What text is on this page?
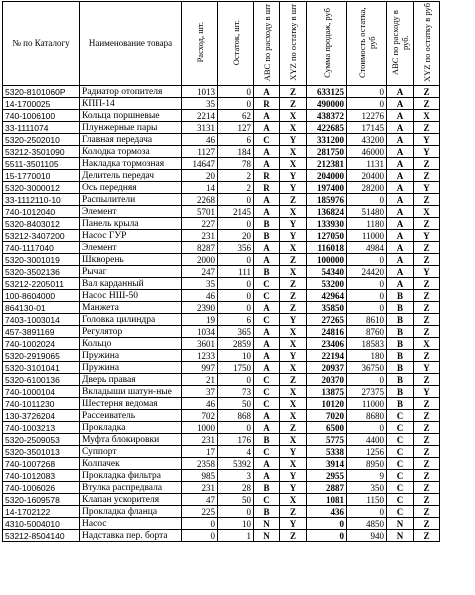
№ по Каталогу	Наименование товара	Расход, шт.	Остаток, шт.	ABC по расходу в шт	XYZ по остатку в шт	Сумма продаж, руб	Стоимость остатка, руб	ABC по расходу в руб.	XYZ по остатку в руб
5320-8101060Р	Радиатор отопителя	1013	0	A	Z	633125	0	A	Z
14-1700025	КПП-14	35	0	R	Z	490000	0	A	Z
740-1006100	Кольца поршневые	2214	62	A	X	438372	12276	A	X
33-1111074	Плунжерные пары	3131	127	A	X	422685	17145	A	Z
5320-2502010	Главная передача	46	6	C	Y	331200	43200	A	Y
53212-3501090	Колодка тормоза	1127	184	A	X	281750	46000	A	Y
5511-3501105	Накладка тормозная	14647	78	A	X	212381	1131	A	Z
15-1770010	Делитель передач	20	2	R	Y	204000	20400	A	Z
5320-3000012	Ось передняя	14	2	R	Y	197400	28200	A	Y
33-1112110-10	Распылители	2268	0	A	Z	185976	0	A	Z
740-1012040	Элемент	5701	2145	A	X	136824	51480	A	X
5320-8403012	Панель крыла	227	0	B	Y	133930	1180	A	Z
53212-3407200	Насос ГУР	231	20	B	Y	127050	11000	A	Y
740-1117040	Элемент	8287	356	A	X	116018	4984	A	Z
5320-3001019	Шкворень	2000	0	A	Z	100000	0	A	Z
5320-3502136	Рычаг	247	111	B	X	54340	24420	A	Y
53212-2205011	Вал карданный	35	0	C	Z	53200	0	A	Z
100-8604000	Насос НШ-50	46	0	C	Z	42964	0	B	Z
864130-01	Манжета	2390	0	A	Z	35850	0	B	Z
7403-1003014	Головка цилиндра	19	6	C	Y	27265	8610	B	Z
457-3891169	Регулятор	1034	365	A	X	24816	8760	B	Z
740-1002024	Кольцо	3601	2859	A	X	23406	18583	B	X
5320-2919065	Пружина	1233	10	A	Y	22194	180	B	Z
5320-3101041	Пружина	997	1750	A	X	20937	36750	B	Y
5320-6100136	Дверь правая	21	0	C	Z	20370	0	B	Z
740-1000104	Вкладыши шатун-ные	37	73	C	X	13875	27375	B	Y
740-1011230	Шестерня ведомая	46	50	C	X	10120	11000	B	Z
130-3726204	Рассеиватель	702	868	A	X	7020	8680	C	Z
740-1003213	Прокладка	1000	0	A	Z	6500	0	C	Z
5320-2509053	Муфта блокировки	231	176	B	X	5775	4400	C	Z
5320-3501013	Суппорт	17	4	C	Y	5338	1256	C	Z
740-1007268	Колпачек	2358	5392	A	X	3914	8950	C	Z
740-1012083	Прокладка фильтра	985	3	A	Y	2955	9	C	Z
740-1006026	Втулка распредвала	231	28	B	Y	2887	350	C	Z
5320-1609578	Клапан ускорителя	47	50	C	X	1081	1150	C	Z
14-1702122	Прокладка фланца	225	0	B	Z	436	0	C	Z
4310-5004010	Насос	0	10	N	Y	0	4850	N	Z
53212-8504140	Надставка пер. борта	0	1	N	Z	0	940	N	Z
